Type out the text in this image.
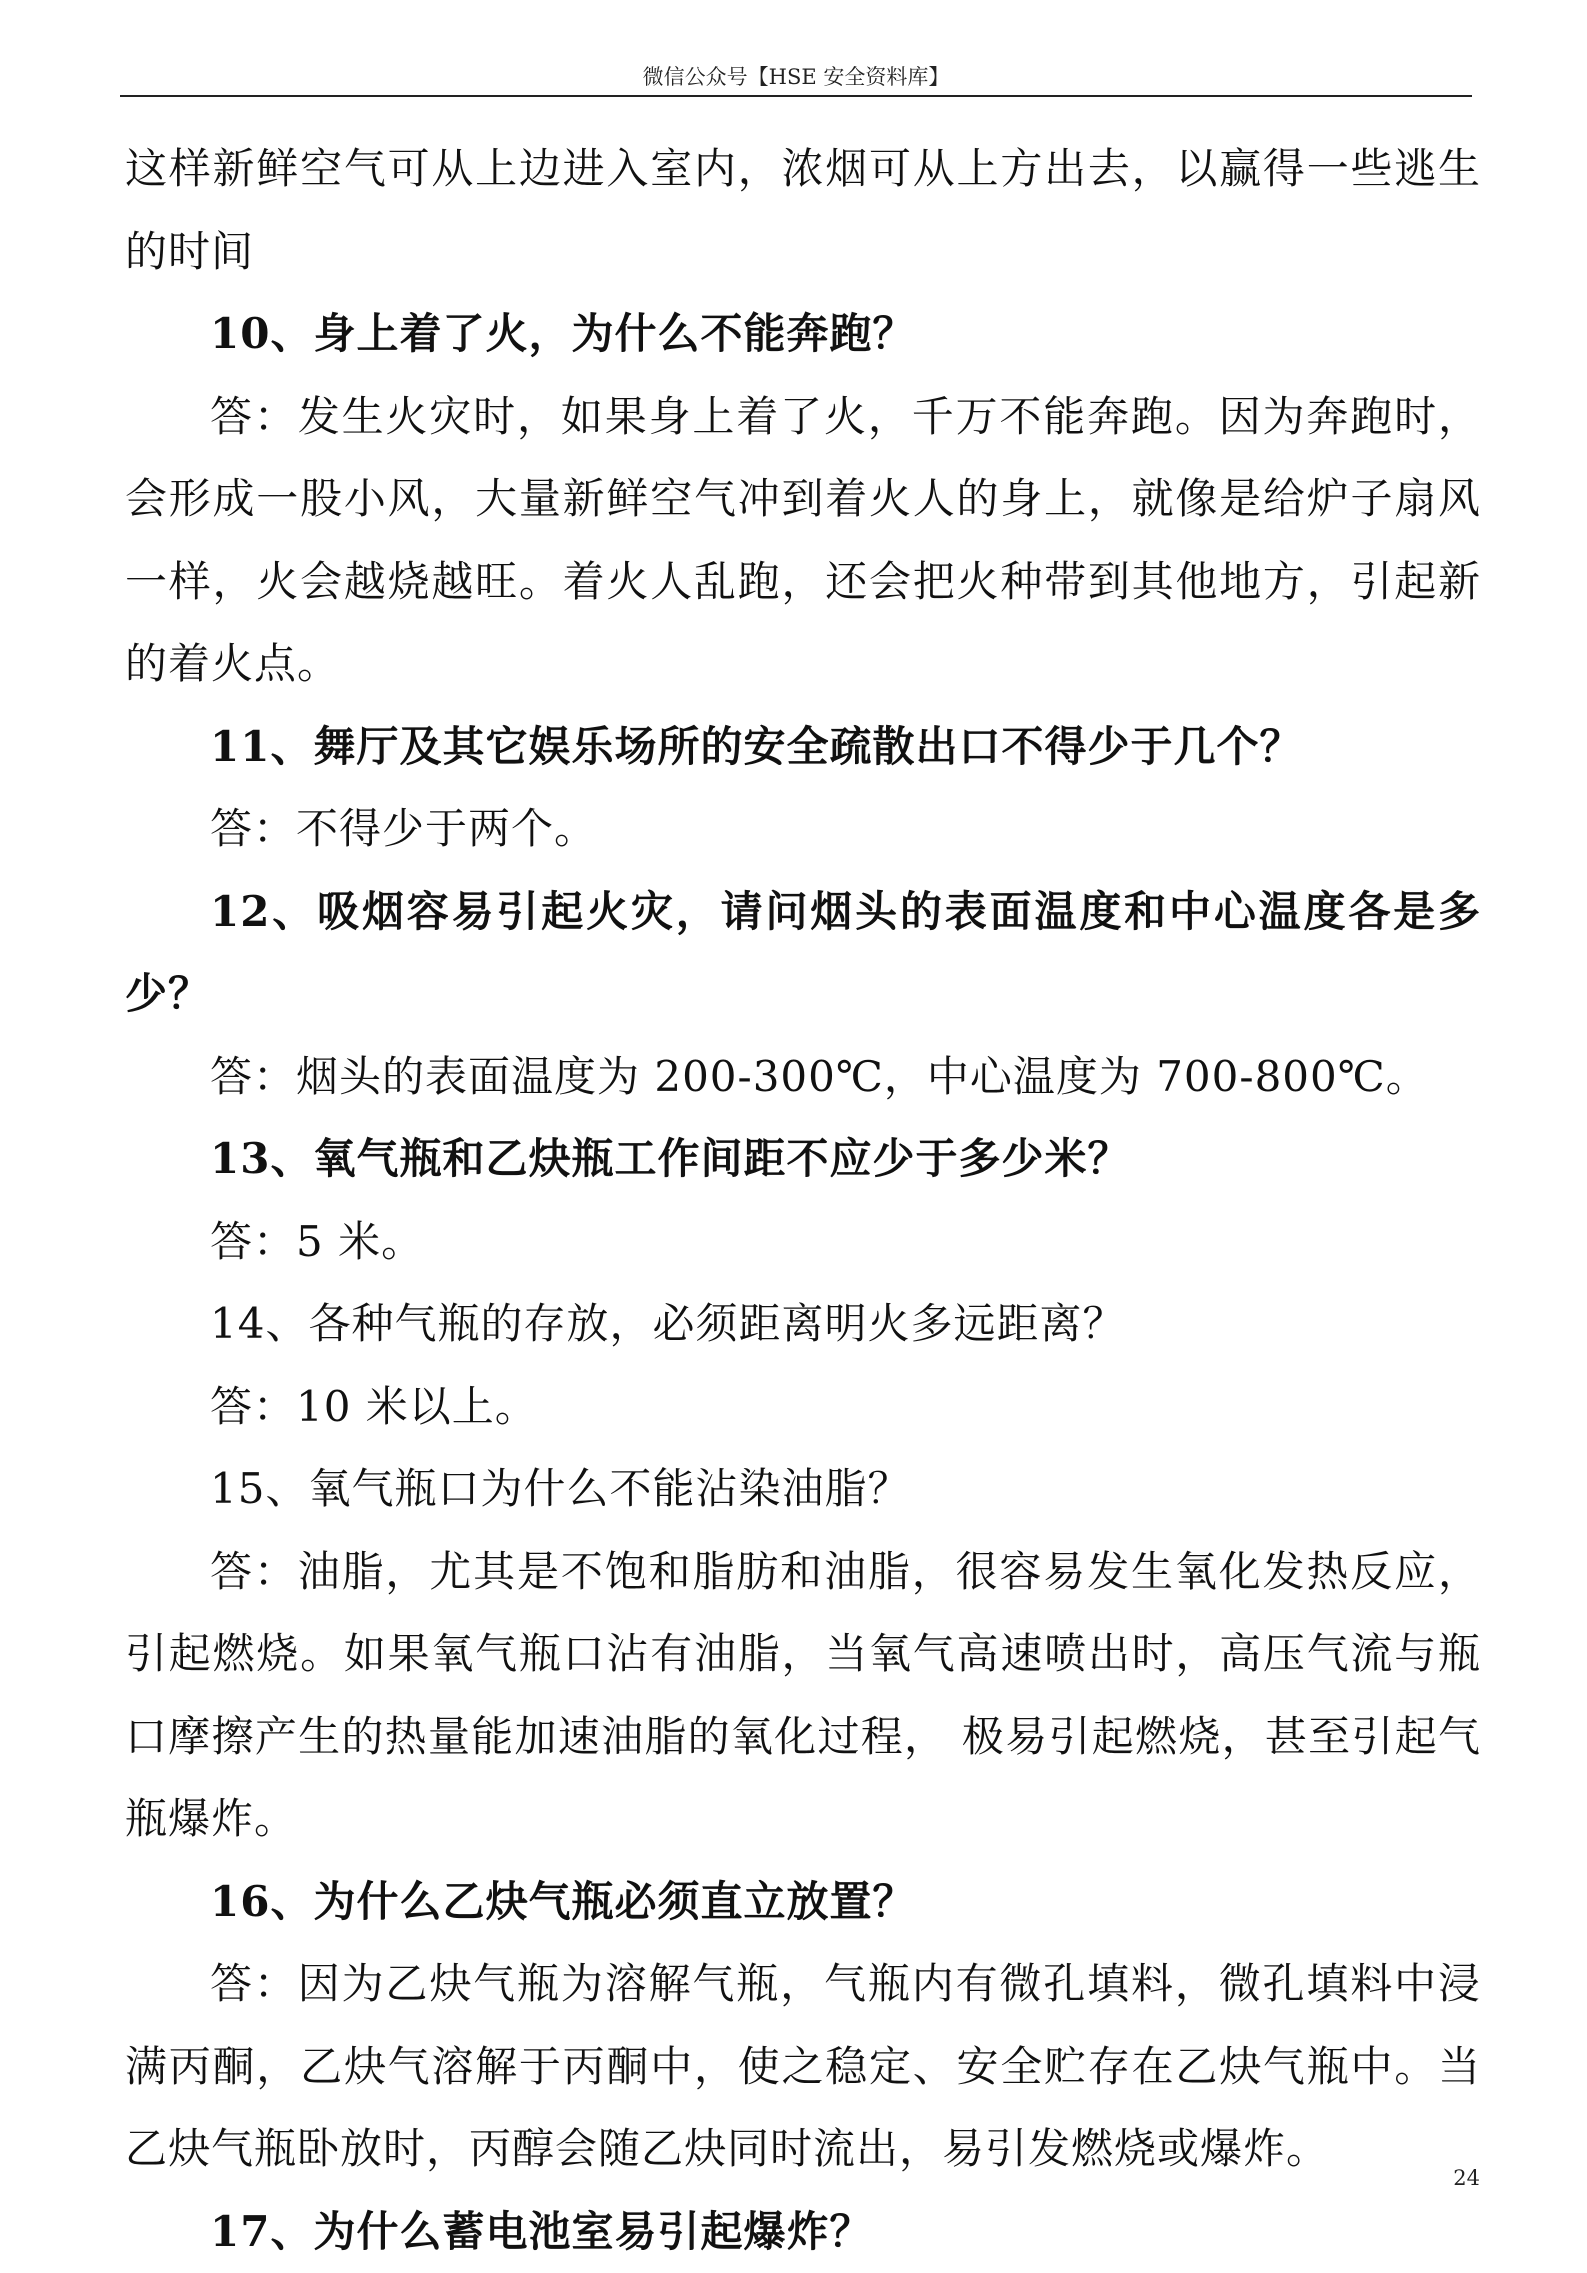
微信公众号【HSE 安全资料库】

这样新鲜空气可从上边进入室内，浓烟可从上方出去，以赢得一些逃生的时间

10、身上着了火，为什么不能奔跑？

答：发生火灾时，如果身上着了火，千万不能奔跑。因为奔跑时，会形成一股小风，大量新鲜空气冲到着火人的身上，就像是给炉子扇风一样，火会越烧越旺。着火人乱跑，还会把火种带到其他地方，引起新的着火点。

11、舞厅及其它娱乐场所的安全疏散出口不得少于几个？

答：不得少于两个。

12、吸烟容易引起火灾，请问烟头的表面温度和中心温度各是多少？

答：烟头的表面温度为 200-300℃，中心温度为 700-800℃。

13、氧气瓶和乙炔瓶工作间距不应少于多少米？

答：5 米。

14、各种气瓶的存放，必须距离明火多远距离？

答：10 米以上。

15、氧气瓶口为什么不能沾染油脂？

答：油脂，尤其是不饱和脂肪和油脂，很容易发生氧化发热反应，引起燃烧。如果氧气瓶口沾有油脂，当氧气高速喷出时，高压气流与瓶口摩擦产生的热量能加速油脂的氧化过程， 极易引起燃烧，甚至引起气瓶爆炸。

16、为什么乙炔气瓶必须直立放置？

答：因为乙炔气瓶为溶解气瓶，气瓶内有微孔填料，微孔填料中浸满丙酮，乙炔气溶解于丙酮中，使之稳定、安全贮存在乙炔气瓶中。当乙炔气瓶卧放时，丙醇会随乙炔同时流出，易引发燃烧或爆炸。

17、为什么蓄电池室易引起爆炸？

24
